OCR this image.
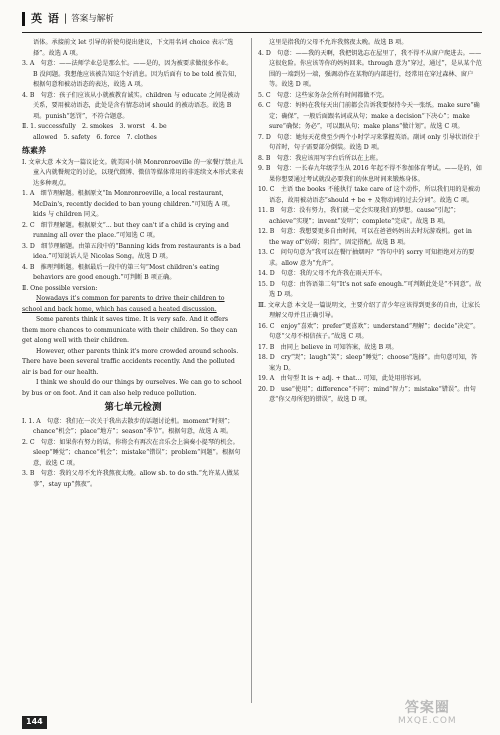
英 语 | 答案与解析

语体。承接前文 let 引导的祈使句提出建议，下文用名词 choice 表示“选择”。故选 A 项。

3. A　句意：——法师学业总是那么忙。——是的，因为被要求做很多作业。

B 没问题。我想他应该被告知这个好消息。因为后面有 to be told 被告知，根据句意和被动语态的表达，故选 A 项。

4. B　句意：孩子们应该从小就被教育诚实。children 与 educate 之间是被动关系，要用被动语态，此处是含有情态动词 should 的被动语态。故选 B 项。punish“惩罚”，不符合题意。

Ⅱ. 1. successfully　2. smokes　3. worst　4. be

allowed　5. safety　6. force　7. clothes

练素养

Ⅰ. 文章大意 本文为一篇议论文。就美国小镇 Monronroeville 的一家餐厅禁止儿童入内就餐规定的讨论，以现代微博、微信等媒体常用的非连续文本形式来表达多种观点。

1. A　细节理解题。根据原文“In Monronroeville, a local restaurant, McDain's, recently decided to ban young children.”可知选 A 项。kids 与 children 同义。

2. C　细节理解题。根据原文“... but they can't if a child is crying and running all over the place.”可知选 C 项。

3. D　细节理解题。由第五段中的“Banning kids from restaurants is a bad idea.”可知说话人是 Nicolas Song。故选 D 项。

4. B　推理判断题。根据最后一段中的第三句“Most children's eating behaviors are good enough.”可判断 B 项正确。

Ⅱ. One possible version:

Nowadays it's common for parents to drive their children to school and back home, which has caused a heated discussion.

Some parents think it saves time. It is very safe. And it offers them more chances to communicate with their children. So they can get along well with their children.

However, other parents think it's more crowded around schools. There have been several traffic accidents recently. And the polluted air is bad for our health.

I think we should do our things by ourselves. We can go to school by bus or on foot. And it can also help reduce pollution.

第七单元检测

Ⅰ. 1. A　句意：我们在一次关于我出去散步的话题讨论机。moment“时刻”；chance“机会”；place“地方”；season“季节”。根据句意，故选 A 项。

2. C　句意：如果你有努力的话，你将会有再次在音乐会上演奏小提琴的机会。sleep“睡觉”；chance“机会”；mistake“错误”；problem“问题”。根据句意，故选 C 项。

3. B　句意：我的父母不允许我熬夜太晚。allow sb. to do sth.“允许某人做某事”，stay up“熬夜”。

这里是指我的父母不允许我熬夜太晚。故选 B 项。

4. D　句意：——我的天啊，我把钥匙忘在屋里了，我不得不从窗户爬进去。——这很危险。你应该等你的妈妈回来。through 意为“穿过，通过”，是从某个范围的一端到另一端，强调动作在某物的内部进行，经常用在穿过森林、窗户等。故选 D 项。

5. C　句意：这些家务杂会所有时间都做不完。

6. C　句意：妈妈在我每天出门前都会告诉我要保持今天一张纸。make sure“确定；确保”，一般后面跟名词或从句；make a decision“下决心”；make sure“确保；务必”，可以跟从句；make plans“做计划”。故选 C 项。

7. D　句意：她每天花费至少两个小时学习来掌握英语。副词 only 引导状语位于句首时，句子需要部分倒装。故选 D 项。

8. B　句意：我应该用写字台后所以在上班。

9. B　句意：一长春九年级学生从 2016 年起不得不参加体育考试。——是的，如果你想要通过考试就没必要我们的休息时间来锻炼身体。

10. C　主语 the books 不能执行 take care of 这个动作，所以我们用的是被动语态，故用被动语态“should + be + 及物动词的过去分词”。故选 C 项。

11. B　句意：没有努力，我们就一定会实现我们的梦想。cause“引起”；achieve“实现”；invent“发明”；complete“完成”。故选 B 项。

12. B　句意：我想要更多自由时间，可以在爸爸妈妈出去时玩游戏机。get in the way of“妨碍；阻挡”，固定搭配。故选 B 项。

13. C　问句句意为“我可以在餐厅抽烟吗？”答句中的 sorry 可知拒绝对方的要求。allow 意为“允许”。

14. D　句意：我的父母不允许我在雨天开车。

15. D　句意：由答语第二句“It's not safe enough.”可判断此处是“不同意”。故选 D 项。

Ⅲ. 文章大意 本文是一篇说明文，主要介绍了青少年应该得到更多的自由，让家长理解父母并且正确引导。

16. C　enjoy“喜欢”；prefer“更喜欢”；understand“理解”；decide“决定”。句意“父母不相信孩子。”故选 C 项。

17. B　由同上 believe in 可知答案，故选 B 项。

18. D　cry“哭”；laugh“笑”；sleep“睡觉”；choose“选择”。由句意可知，答案为 D。

19. A　由句型 It is + adj. + that... 可知，此处用形容词。

20. D　use“使用”；difference“不同”；mind“智力”；mistake“错误”。由句意“你父母所犯的错误”，故选 D 项。

144
答案圈
MXQE.COM
